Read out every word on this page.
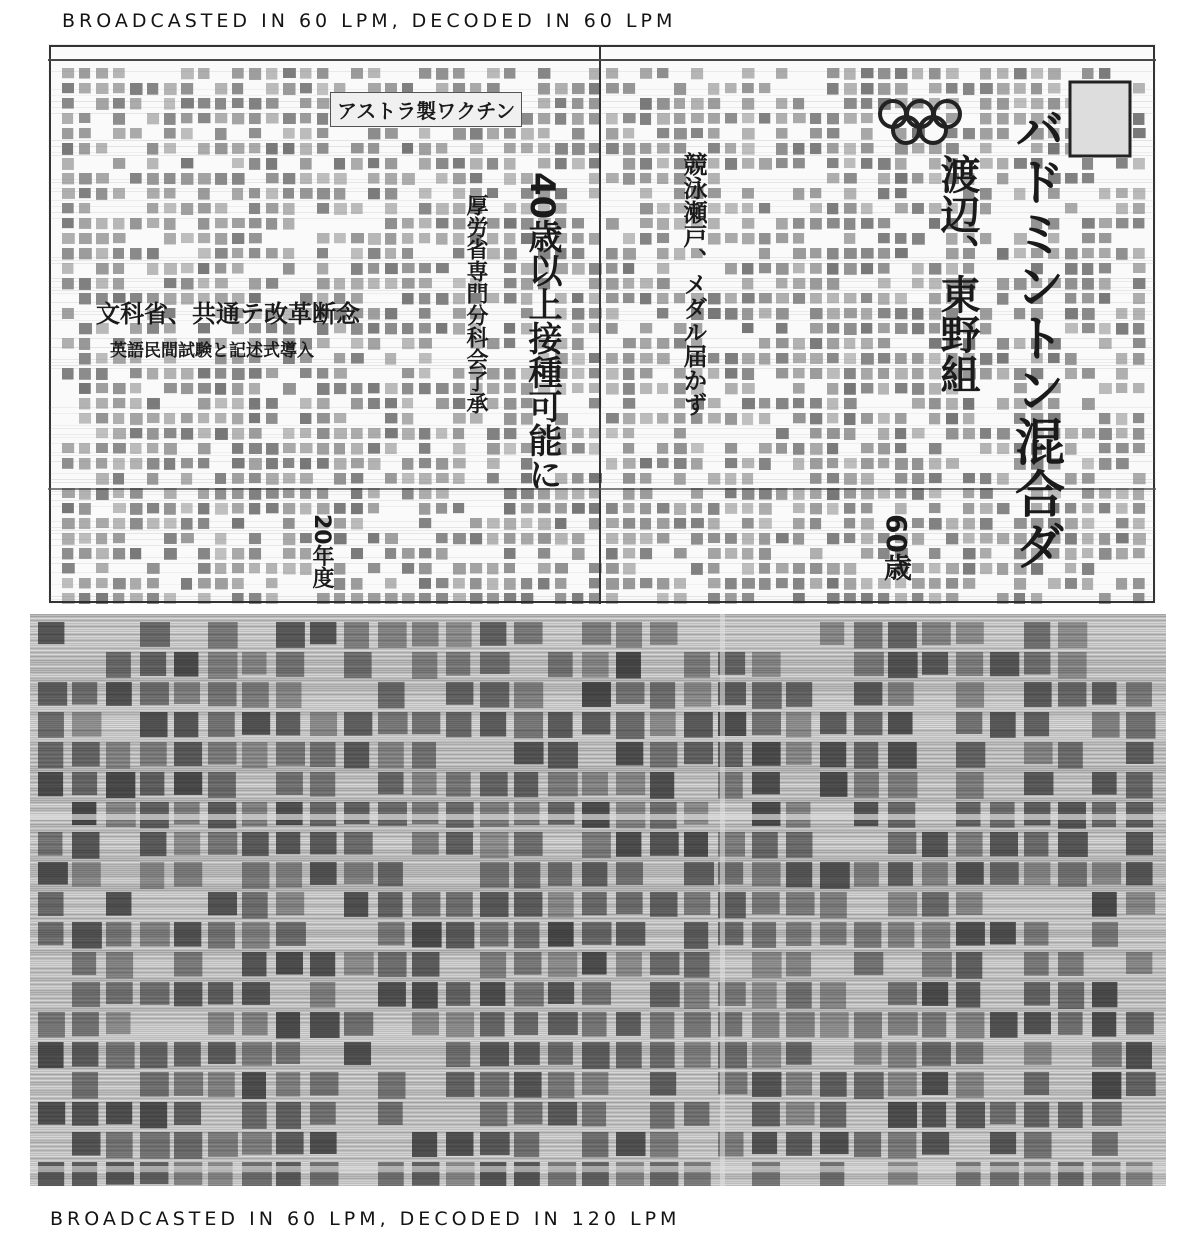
BROADCASTED IN 60 LPM, DECODED IN 60 LPM
バドミントン混合ダ
渡辺、東野組
40歳以上接種可能に
厚労省専門分科会了承
アストラ製ワクチン
文科省、共通テ改革断念
英語民間試験と記述式導入	競泳瀬戸、メダル届かず
60歳
20年度
BROADCASTED IN 60 LPM, DECODED IN 120 LPM
